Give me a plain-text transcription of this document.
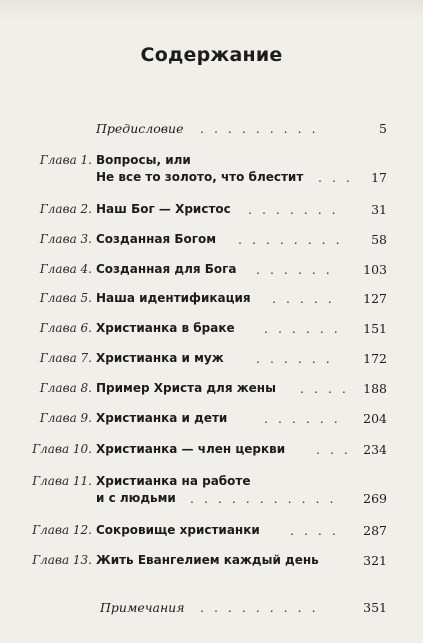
Содержание
Предисловие . . . . . . . . .	5
Глава 1. Вопросы, или
Не все то золото, что блестит . . .	17
Глава 2. Наш Бог — Христос . . . . . . .	31
Глава 3. Созданная Богом . . . . . . . .	58
Глава 4. Созданная для Бога . . . . . .	103
Глава 5. Наша идентификация . . . . .	127
Глава 6. Христианка в браке . . . . . .	151
Глава 7. Христианка и муж	. . . . . .	172
Глава 8. Пример Христа для жены . . . .	188
Глава 9. Христианка и дети	. . . . . .	204
Глава 10. Христианка — член церкви . . . 234
Глава 11. Христианка на работе
и с людьми . . . . . . . . . . .	269
Глава 12. Сокровище христианки . . . .	287
Глава 13. Жить Евангелием каждый день	321
Примечания . . . . . . . . .	351
